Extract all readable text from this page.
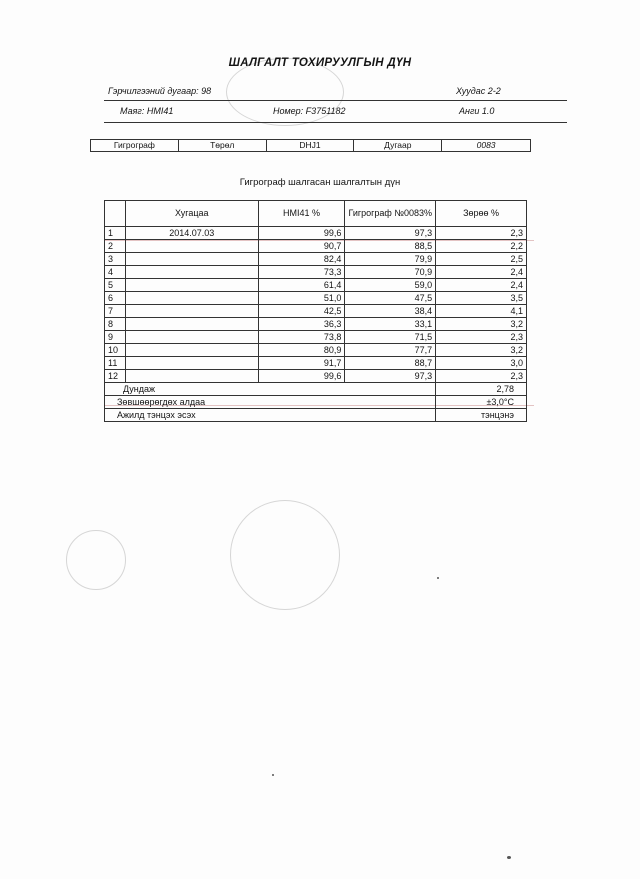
ШАЛГАЛТ ТОХИРУУЛГЫН ДҮН
Гэрчилгээний дугаар: 98	Хуудас 2-2
Маяг: HMI41	Номер: F3751182	Анги 1.0
Гигрограф	Төрөл	DHJ1	Дугаар	0083
Гигрограф шалгасан шалгалтын дүн
	Хугацаа	HMI41 %	Гигрограф №0083%	Зөрөө %
1	2014.07.03	99,6	97,3	2,3
2		90,7	88,5	2,2
3		82,4	79,9	2,5
4		73,3	70,9	2,4
5		61,4	59,0	2,4
6		51,0	47,5	3,5
7		42,5	38,4	4,1
8		36,3	33,1	3,2
9		73,8	71,5	2,3
10		80,9	77,7	3,2
11		91,7	88,7	3,0
12		99,6	97,3	2,3
Дундаж				2,78
Зөвшөөрөгдөх алдаа				±3,0°С
Ажилд тэнцэх эсэх				тэнцэнэ
